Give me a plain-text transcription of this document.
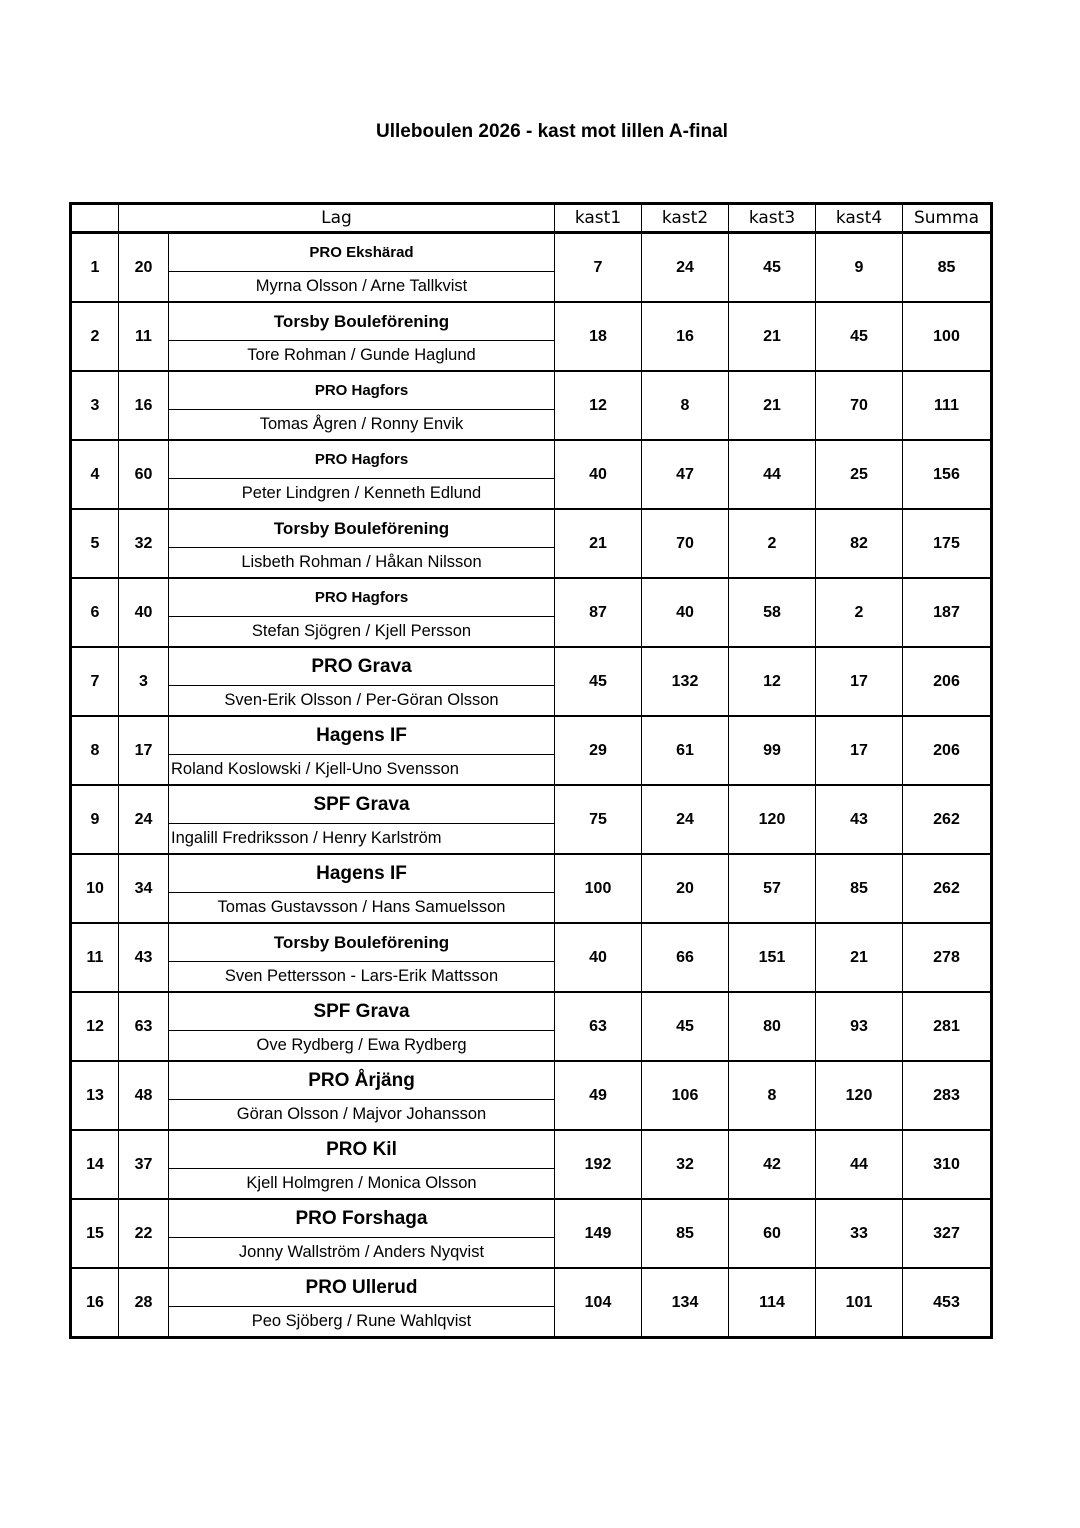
Ulleboulen 2026 - kast mot lillen A-final
	Lag		kast1	kast2	kast3	kast4	Summa
1	20	PRO Ekshärad	7	24	45	9	85
		Myrna Olsson / Arne Tallkvist					
2	11	Torsby Bouleförening	18	16	21	45	100
		Tore Rohman / Gunde Haglund					
3	16	PRO Hagfors	12	8	21	70	111
		Tomas Ågren / Ronny Envik					
4	60	PRO Hagfors	40	47	44	25	156
		Peter Lindgren / Kenneth Edlund					
5	32	Torsby Bouleförening	21	70	2	82	175
		Lisbeth Rohman / Håkan Nilsson					
6	40	PRO Hagfors	87	40	58	2	187
		Stefan Sjögren / Kjell Persson					
7	3	PRO Grava	45	132	12	17	206
		Sven-Erik Olsson / Per-Göran Olsson					
8	17	Hagens IF	29	61	99	17	206
		Roland Koslowski / Kjell-Uno Svensson					
9	24	SPF Grava	75	24	120	43	262
		Ingalill Fredriksson / Henry Karlström					
10	34	Hagens IF	100	20	57	85	262
		Tomas Gustavsson / Hans Samuelsson					
11	43	Torsby Bouleförening	40	66	151	21	278
		Sven Pettersson - Lars-Erik Mattsson					
12	63	SPF Grava	63	45	80	93	281
		Ove Rydberg / Ewa Rydberg					
13	48	PRO Årjäng	49	106	8	120	283
		Göran Olsson / Majvor Johansson					
14	37	PRO Kil	192	32	42	44	310
		Kjell Holmgren / Monica Olsson					
15	22	PRO Forshaga	149	85	60	33	327
		Jonny Wallström / Anders Nyqvist					
16	28	PRO Ullerud	104	134	114	101	453
		Peo Sjöberg / Rune Wahlqvist					
